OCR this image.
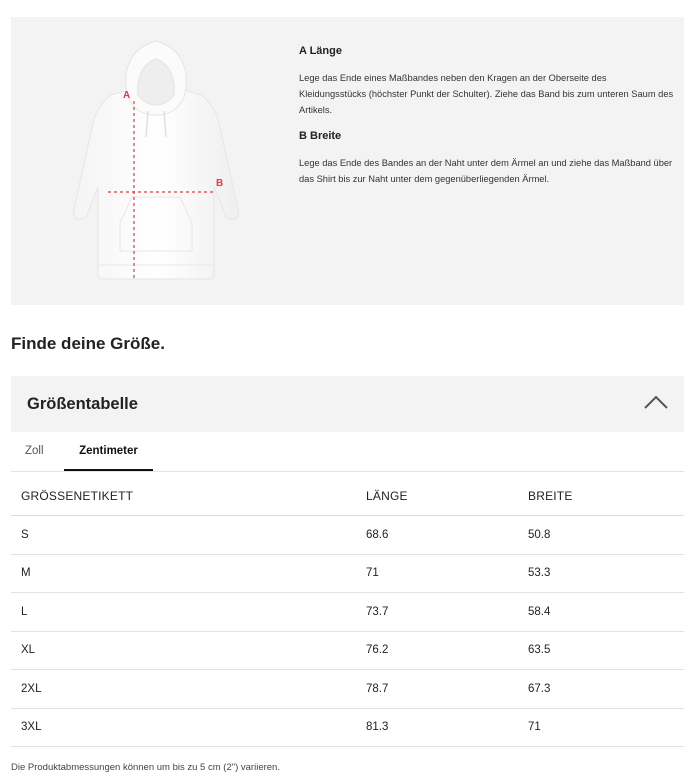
A
B

A Länge

Lege das Ende eines Maßbandes neben den Kragen an der Oberseite des Kleidungsstücks (höchster Punkt der Schulter). Ziehe das Band bis zum unteren Saum des Artikels.

B Breite

Lege das Ende des Bandes an der Naht unter dem Ärmel an und ziehe das Maßband über das Shirt bis zur Naht unter dem gegenüberliegenden Ärmel.

Finde deine Größe.
Größentabelle
Zoll	Zentimeter
GRÖSSENETIKETT	LÄNGE	BREITE
S	68.6	50.8
M	71	53.3
L	73.7	58.4
XL	76.2	63.5
2XL	78.7	67.3
3XL	81.3	71

Die Produktabmessungen können um bis zu 5 cm (2") variieren.
